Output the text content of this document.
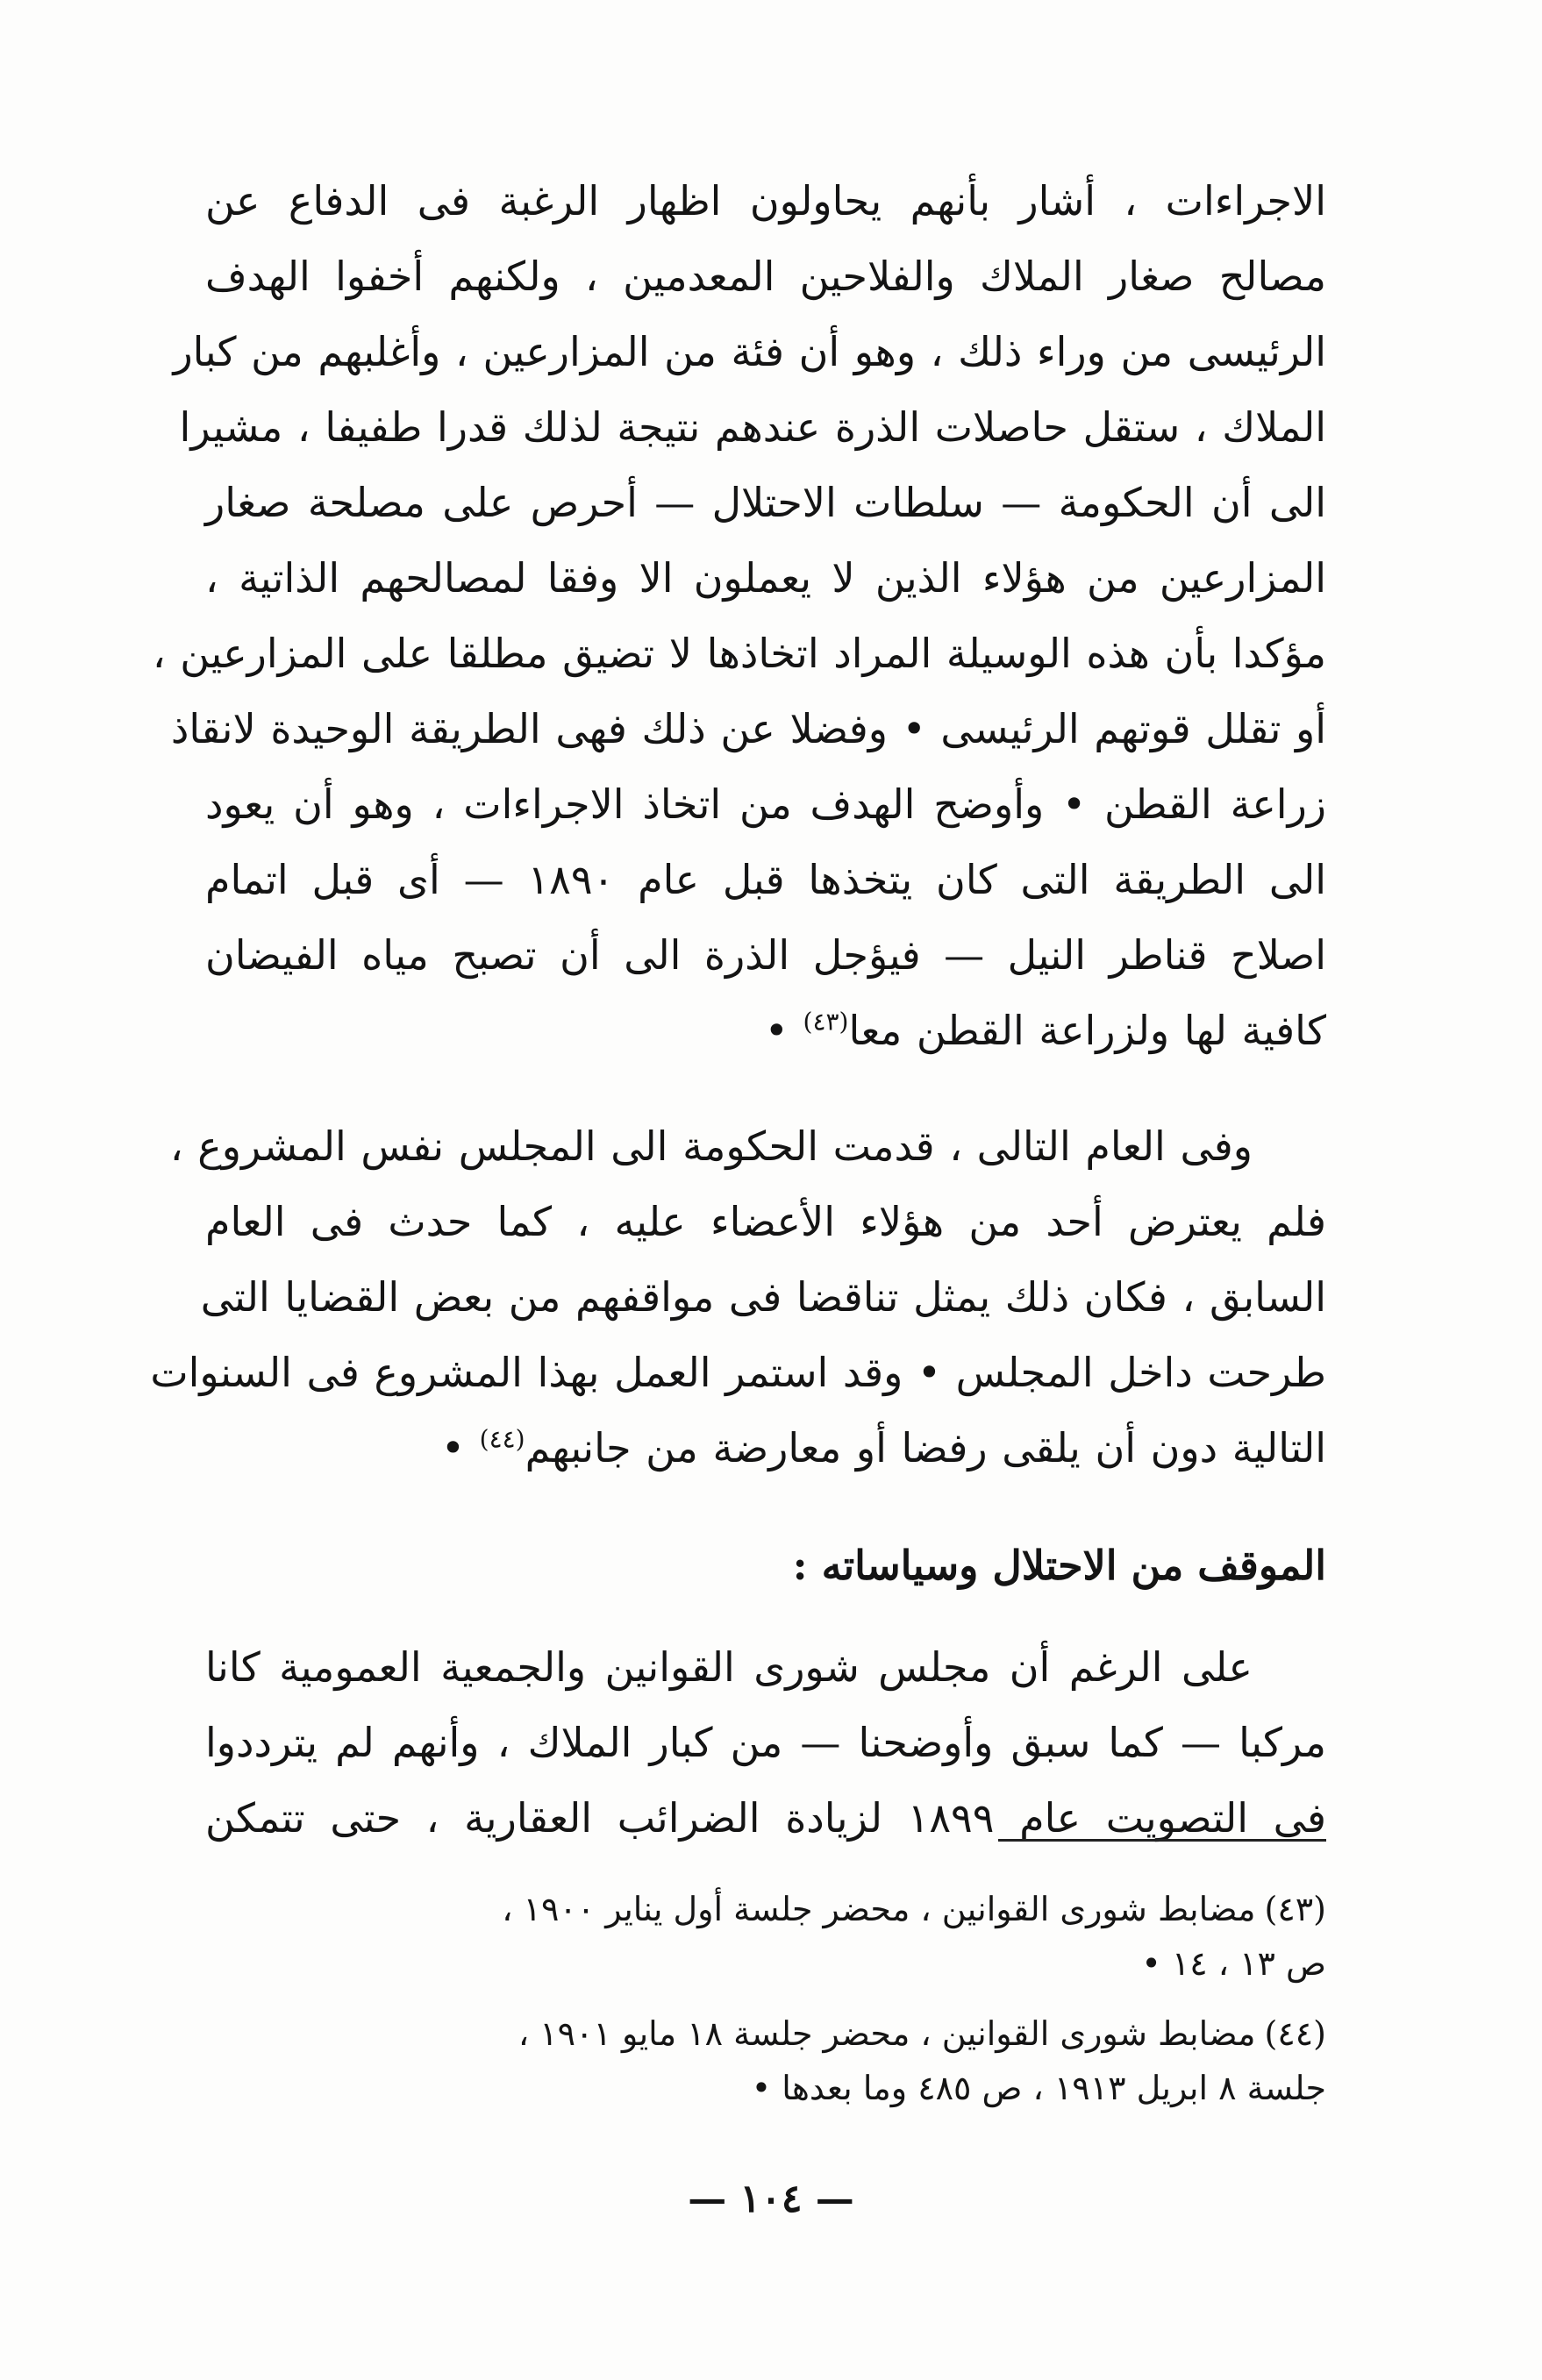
الاجراءات ، أشار بأنهم يحاولون اظهار الرغبة فى الدفاع عن
مصالح صغار الملاك والفلاحين المعدمين ، ولكنهم أخفوا الهدف
الرئيسى من وراء ذلك ، وهو أن فئة من المزارعين ، وأغلبهم من كبار
الملاك ، ستقل حاصلات الذرة عندهم نتيجة لذلك قدرا طفيفا ، مشيرا
الى أن الحكومة — سلطات الاحتلال — أحرص على مصلحة صغار
المزارعين من هؤلاء الذين لا يعملون الا وفقا لمصالحهم الذاتية ،
مؤكدا بأن هذه الوسيلة المراد اتخاذها لا تضيق مطلقا على المزارعين ،
أو تقلل قوتهم الرئيسى • وفضلا عن ذلك فهى الطريقة الوحيدة لانقاذ
زراعة القطن • وأوضح الهدف من اتخاذ الاجراءات ، وهو أن يعود
الى الطريقة التى كان يتخذها قبل عام ١٨٩٠ — أى قبل اتمام
اصلاح قناطر النيل — فيؤجل الذرة الى أن تصبح مياه الفيضان
كافية لها ولزراعة القطن معا$^{(٤٣)}$ •
وفى العام التالى ، قدمت الحكومة الى المجلس نفس المشروع ،
فلم يعترض أحد من هؤلاء الأعضاء عليه ، كما حدث فى العام
السابق ، فكان ذلك يمثل تناقضا فى مواقفهم من بعض القضايا التى
طرحت داخل المجلس • وقد استمر العمل بهذا المشروع فى السنوات
التالية دون أن يلقى رفضا أو معارضة من جانبهم$^{(٤٤)}$ •
الموقف من الاحتلال وسياساته :
على الرغم أن مجلس شورى القوانين والجمعية العمومية كانا
مركبا — كما سبق وأوضحنا — من كبار الملاك ، وأنهم لم يترددوا
فى التصويت عام ١٨٩٩ لزيادة الضرائب العقارية ، حتى تتمكن
(٤٣)مضابط شورى القوانين ، محضر جلسة أول يناير ١٩٠٠ ،
ص ١٣ ، ١٤ •
(٤٤)مضابط شورى القوانين ، محضر جلسة ١٨ مايو ١٩٠١ ،
جلسة ٨ ابريل ١٩١٣ ، ص ٤٨٥ وما بعدها •
— ١٠٤ —
